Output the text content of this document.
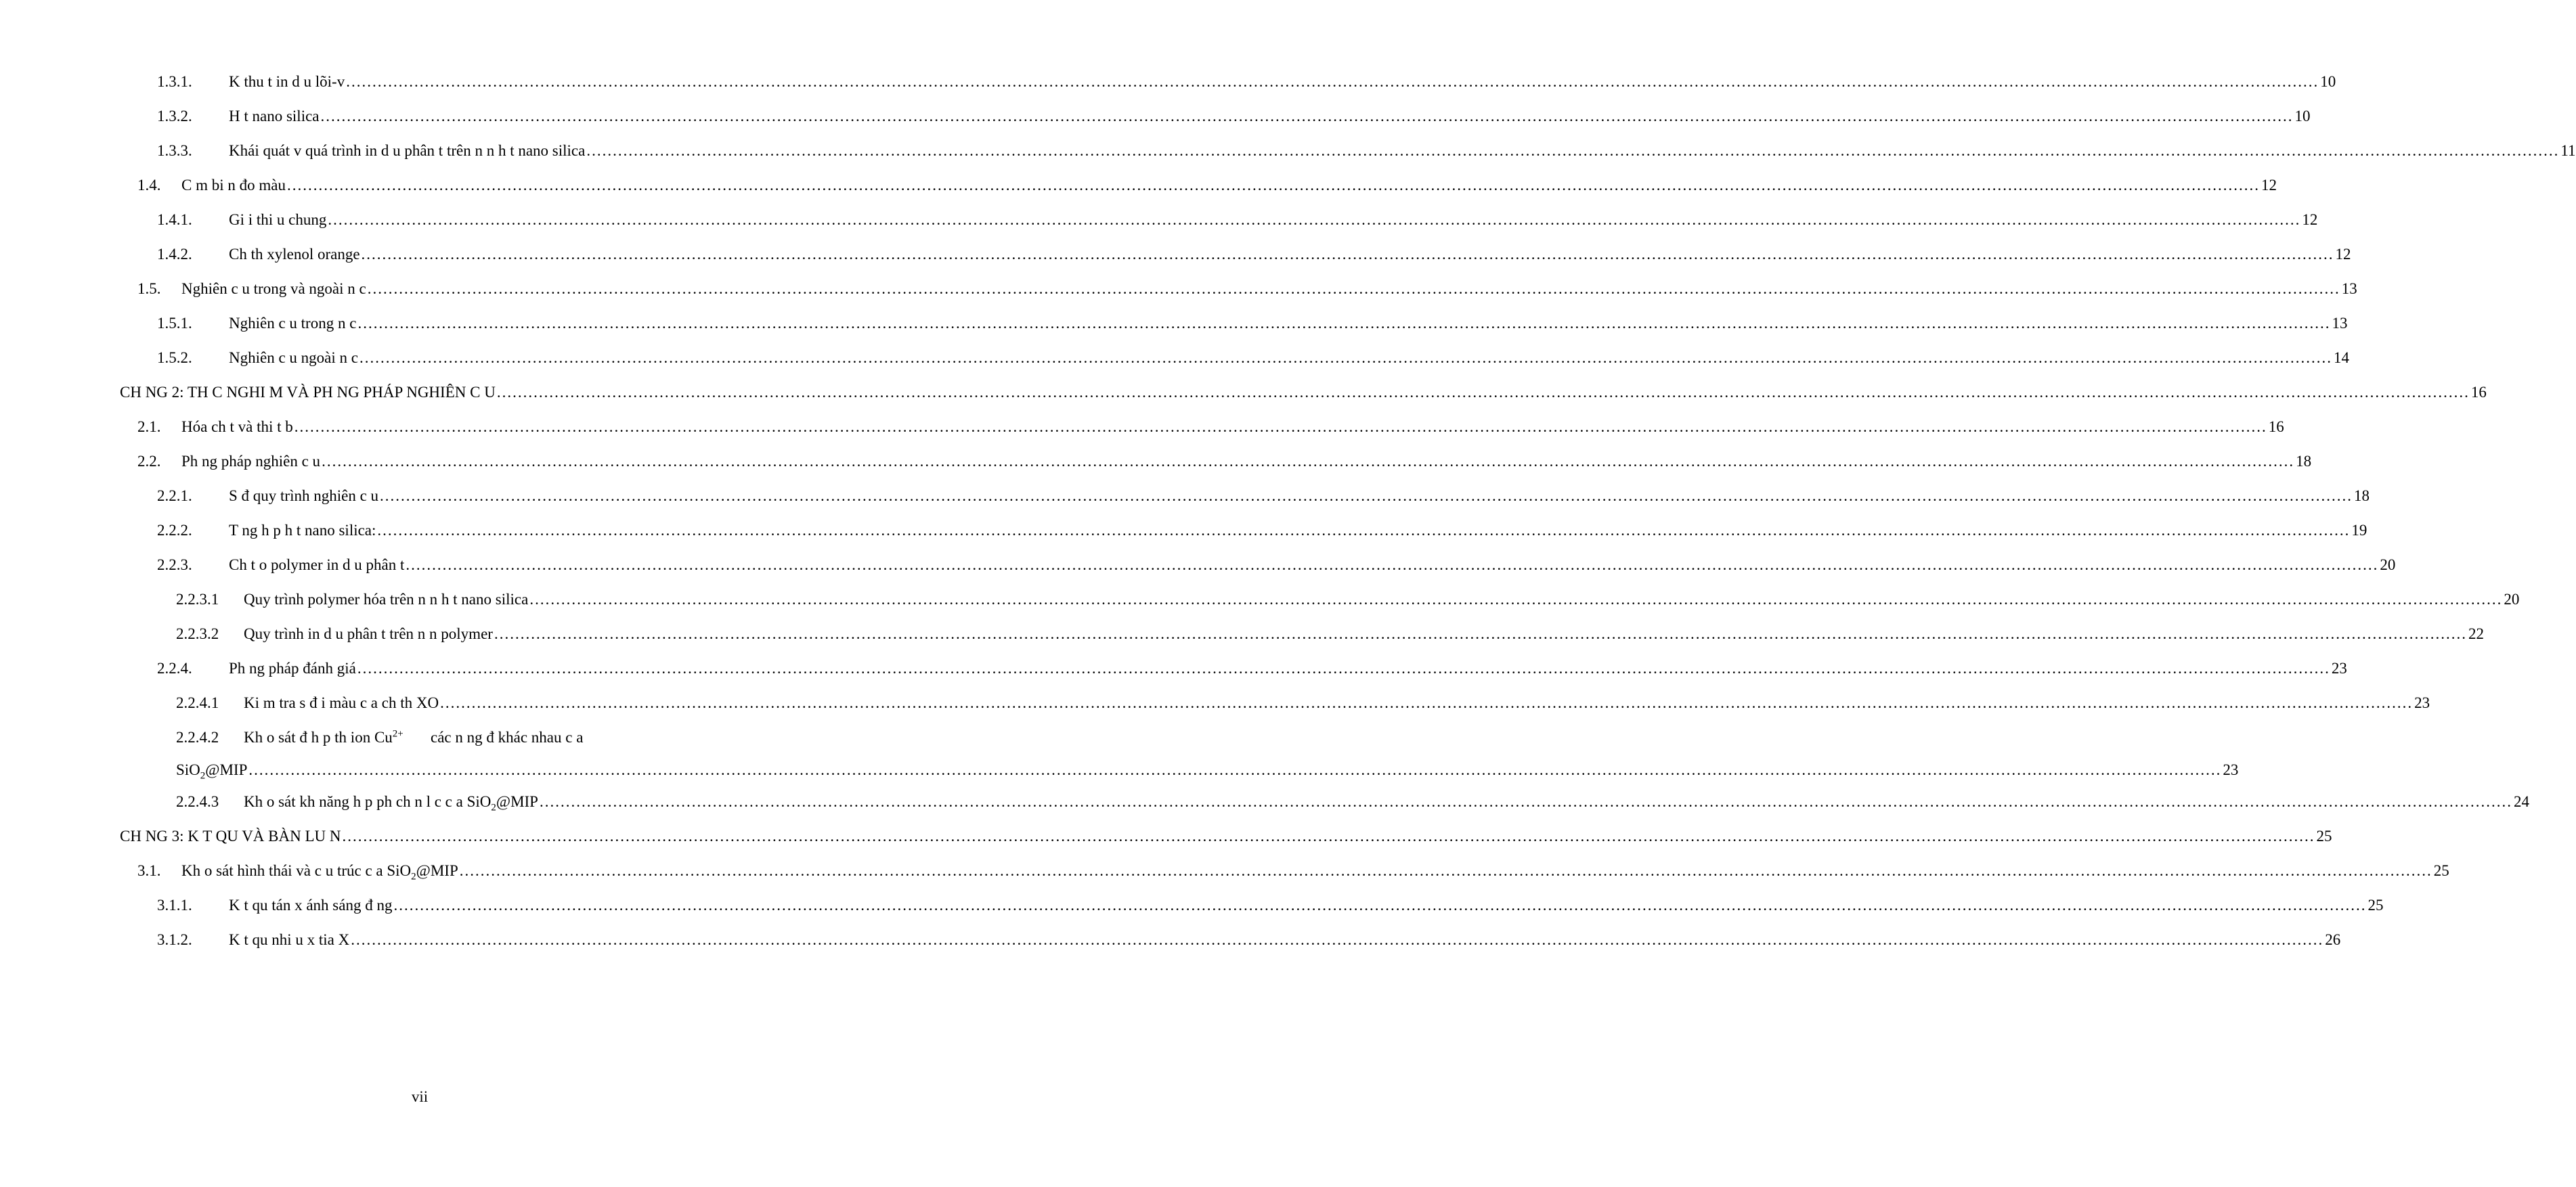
1.3.1.	K thu t in d u lõi-v .....	10
1.3.2.	H t nano silica .....	10
1.3.3.	Khái quát v quá trình in d u phân t trên n n h t nano silica .....	11
1.4.	C m bi n đo màu .....	12
1.4.1.	Gi i thi u chung .....	12
1.4.2.	Ch th xylenol orange .....	12
1.5.	Nghiên c u trong và ngoài n c .....	13
1.5.1.	Nghiên c u trong n c .....	13
1.5.2.	Nghiên c u ngoài n c .....	14
CH NG 2: TH C NGHI M VÀ PH NG PHÁP NGHIÊN C U .....	16
2.1.	Hóa ch t và thi t b .....	16
2.2.	Ph ng pháp nghiên c u .....	18
2.2.1.	S đ quy trình nghiên c u .....	18
2.2.2.	T ng h p h t nano silica: .....	19
2.2.3.	Ch t o polymer in d u phân t .....	20
2.2.3.1	Quy trình polymer hóa trên n n h t nano silica .....	20
2.2.3.2	Quy trình in d u phân t trên n n polymer .....	22
2.2.4.	Ph ng pháp đánh giá .....	23
2.2.4.1	Ki m tra s đ i màu c a ch th XO .....	23
2.2.4.2	Kh o sát đ h p th ion $Cu^{2+}$ các n ng đ khác nhau c a
SiO$_2$@MIP .....	23
2.2.4.3	Kh o sát kh năng h p ph ch n l c c a SiO$_2$@MIP .....	24
CH NG 3: K T QU VÀ BÀN LU N .....	25
3.1.	Kh o sát hình thái và c u trúc c a SiO$_2$@MIP .....	25
3.1.1.	K t qu tán x ánh sáng đ ng .....	25
3.1.2.	K t qu nhi u x tia X .....	26
vii
